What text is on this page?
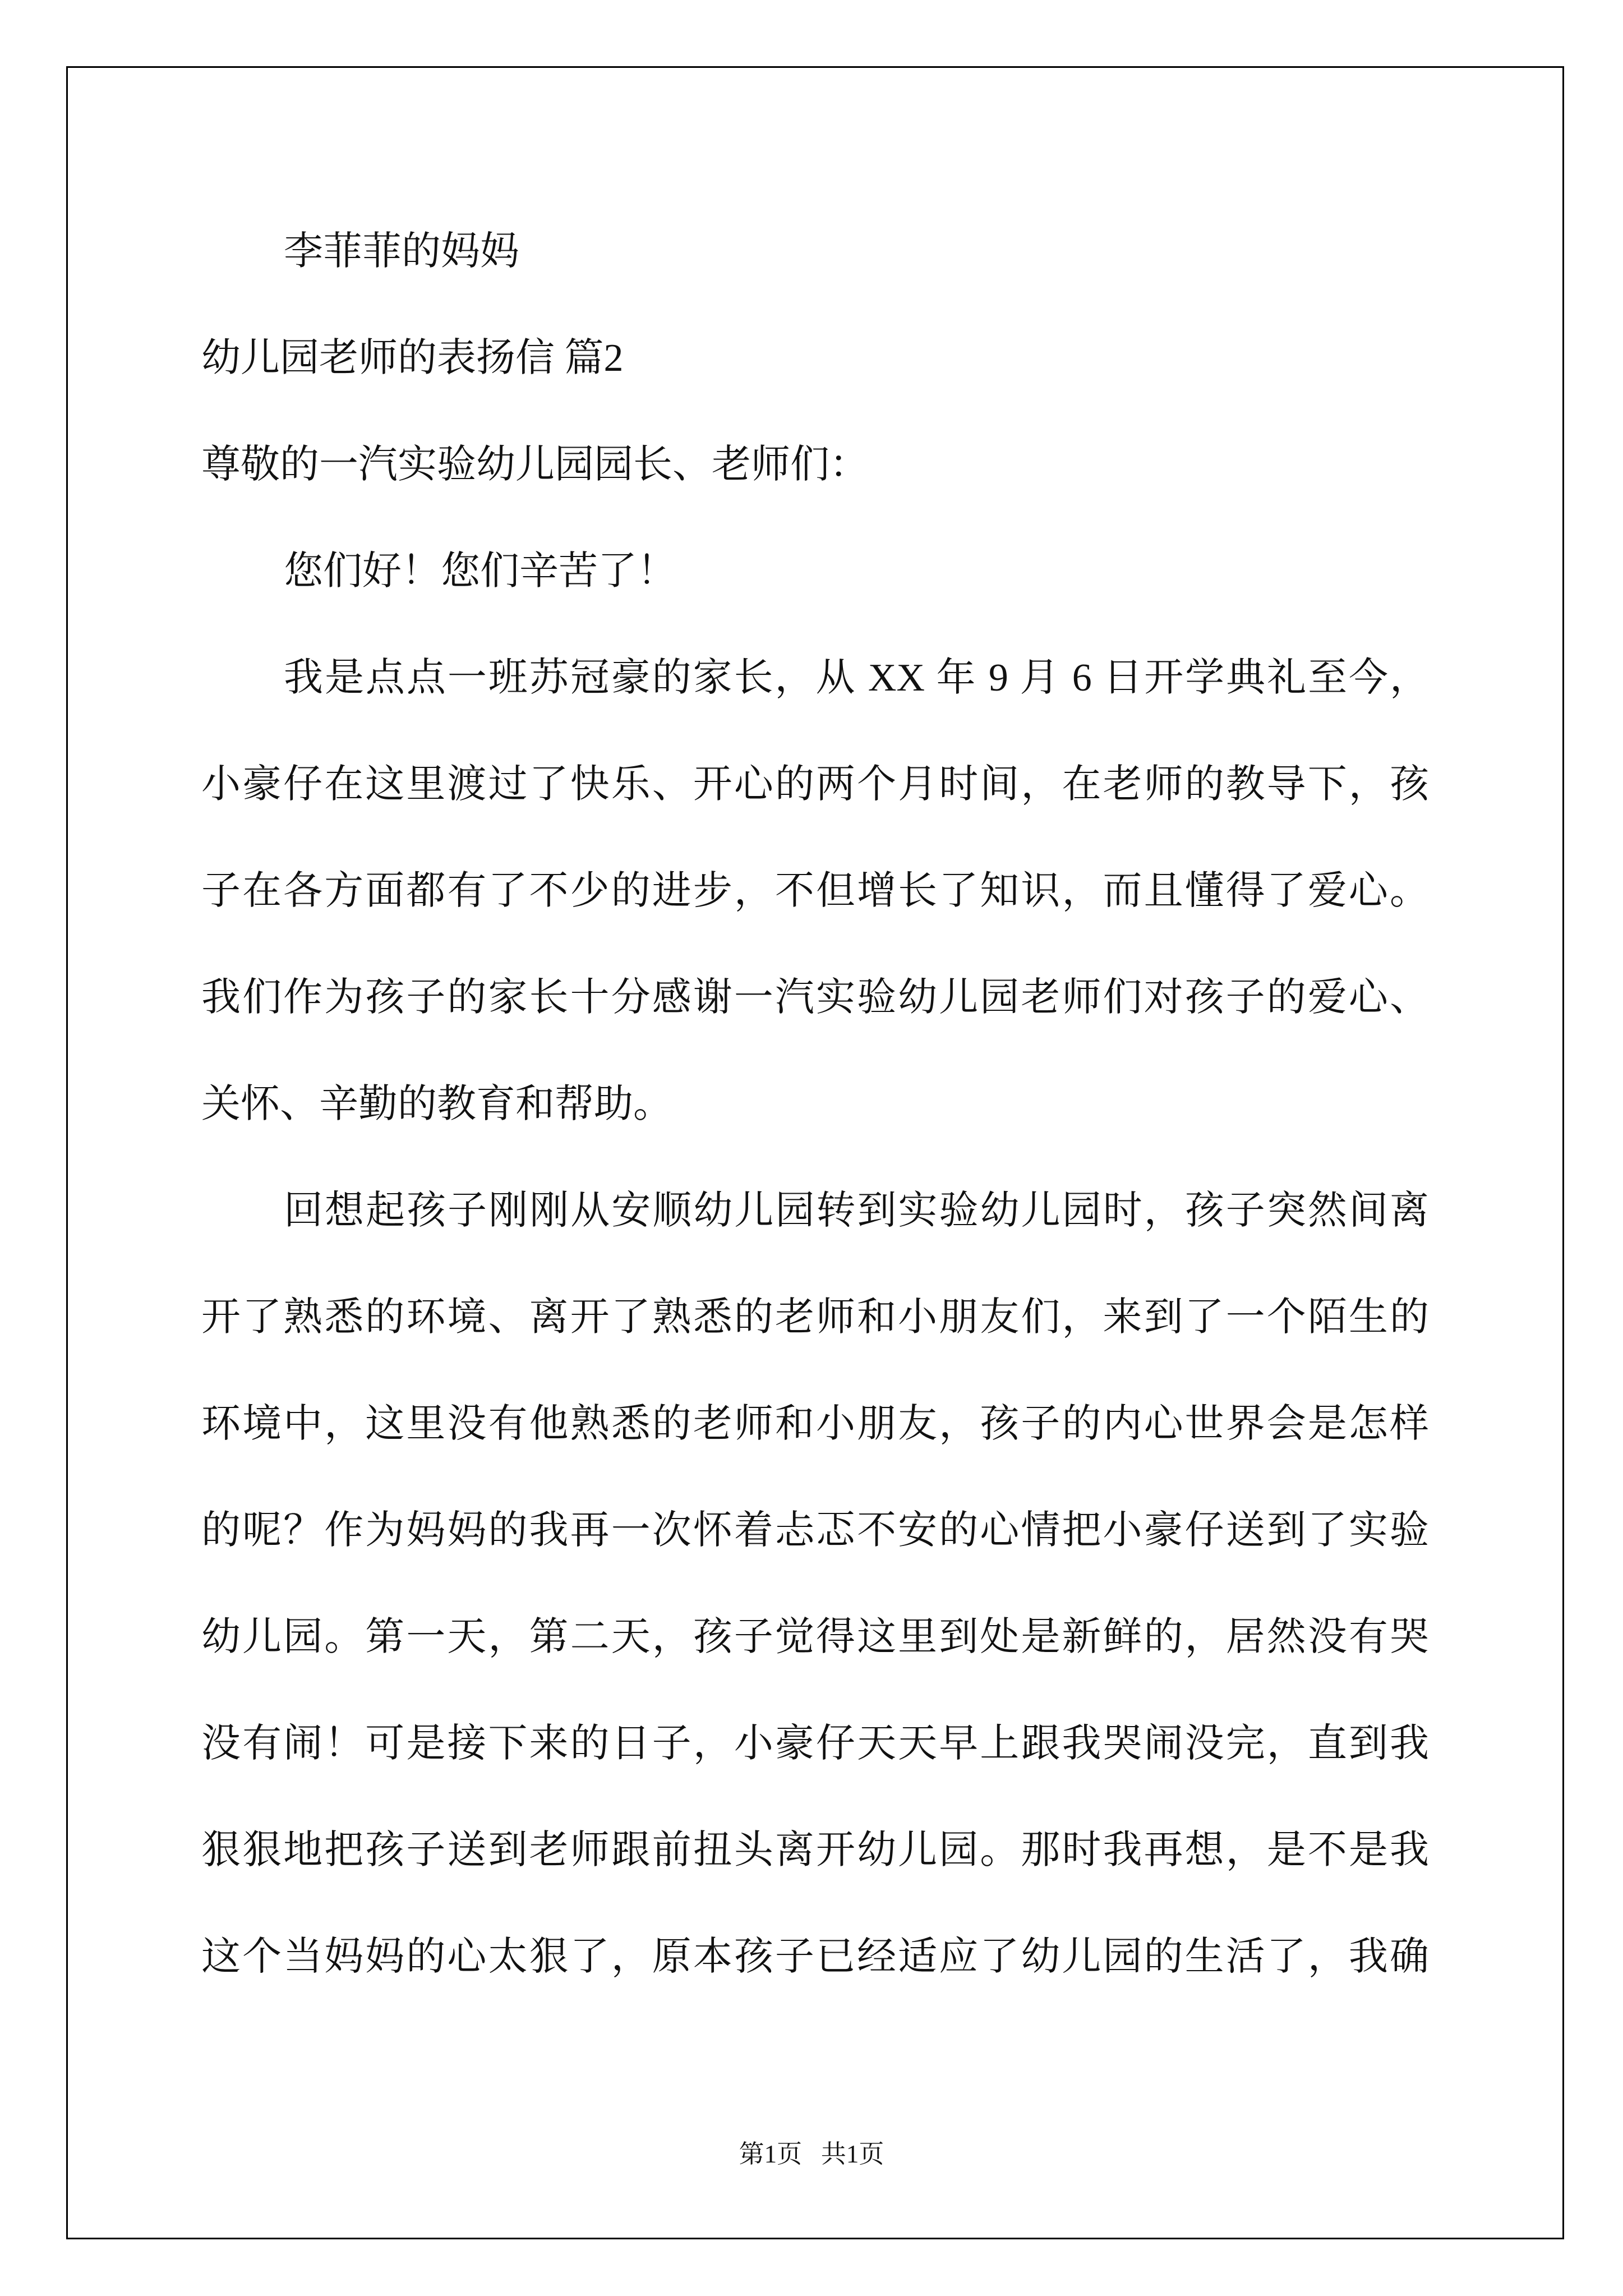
李菲菲的妈妈
幼儿园老师的表扬信 篇2
尊敬的一汽实验幼儿园园长、老师们：
您们好！您们辛苦了！
我是点点一班苏冠豪的家长，从 XX 年 9 月 6 日开学典礼至今，
小豪仔在这里渡过了快乐、开心的两个月时间，在老师的教导下，孩
子在各方面都有了不少的进步，不但增长了知识，而且懂得了爱心。
我们作为孩子的家长十分感谢一汽实验幼儿园老师们对孩子的爱心、
关怀、辛勤的教育和帮助。
回想起孩子刚刚从安顺幼儿园转到实验幼儿园时，孩子突然间离
开了熟悉的环境、离开了熟悉的老师和小朋友们，来到了一个陌生的
环境中，这里没有他熟悉的老师和小朋友，孩子的内心世界会是怎样
的呢？作为妈妈的我再一次怀着忐忑不安的心情把小豪仔送到了实验
幼儿园。第一天，第二天，孩子觉得这里到处是新鲜的，居然没有哭
没有闹！可是接下来的日子，小豪仔天天早上跟我哭闹没完，直到我
狠狠地把孩子送到老师跟前扭头离开幼儿园。那时我再想，是不是我
这个当妈妈的心太狠了，原本孩子已经适应了幼儿园的生活了，我确
第1页   共1页
